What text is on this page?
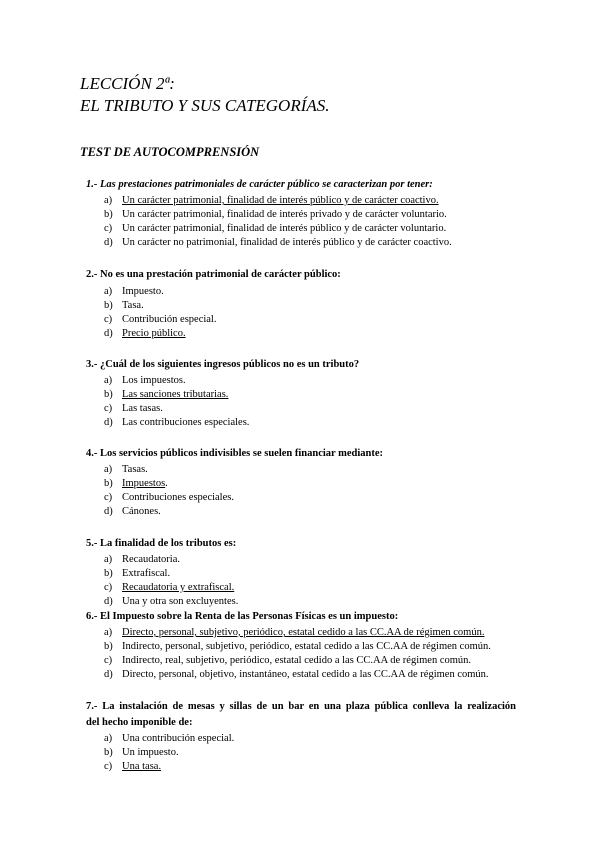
LECCIÓN 2ª:
EL TRIBUTO Y SUS CATEGORÍAS.
TEST DE AUTOCOMPRENSIÓN
1.- Las prestaciones patrimoniales de carácter público se caracterizan por tener:
a) Un carácter patrimonial, finalidad de interés público y de carácter coactivo.
b) Un carácter patrimonial, finalidad de interés privado y de carácter voluntario.
c) Un carácter patrimonial, finalidad de interés público y de carácter voluntario.
d) Un carácter no patrimonial, finalidad de interés público y de carácter coactivo.
2.- No es una prestación patrimonial de carácter público:
a) Impuesto.
b) Tasa.
c) Contribución especial.
d) Precio público.
3.- ¿Cuál de los siguientes ingresos públicos no es un tributo?
a) Los impuestos.
b) Las sanciones tributarias.
c) Las tasas.
d) Las contribuciones especiales.
4.- Los servicios públicos indivisibles se suelen financiar mediante:
a) Tasas.
b) Impuestos.
c) Contribuciones especiales.
d) Cánones.
5.- La finalidad de los tributos es:
a) Recaudatoria.
b) Extrafiscal.
c) Recaudatoria y extrafiscal.
d) Una y otra son excluyentes.
6.- El Impuesto sobre la Renta de las Personas Físicas es un impuesto:
a) Directo, personal, subjetivo, periódico, estatal cedido a las CC.AA de régimen común.
b) Indirecto, personal, subjetivo, periódico, estatal cedido a las CC.AA de régimen común.
c) Indirecto, real, subjetivo, periódico, estatal cedido a las CC.AA de régimen común.
d) Directo, personal, objetivo, instantáneo, estatal cedido a las CC.AA de régimen común.
7.- La instalación de mesas y sillas de un bar en una plaza pública conlleva la realización
del hecho imponible de:
a) Una contribución especial.
b) Un impuesto.
c) Una tasa.
